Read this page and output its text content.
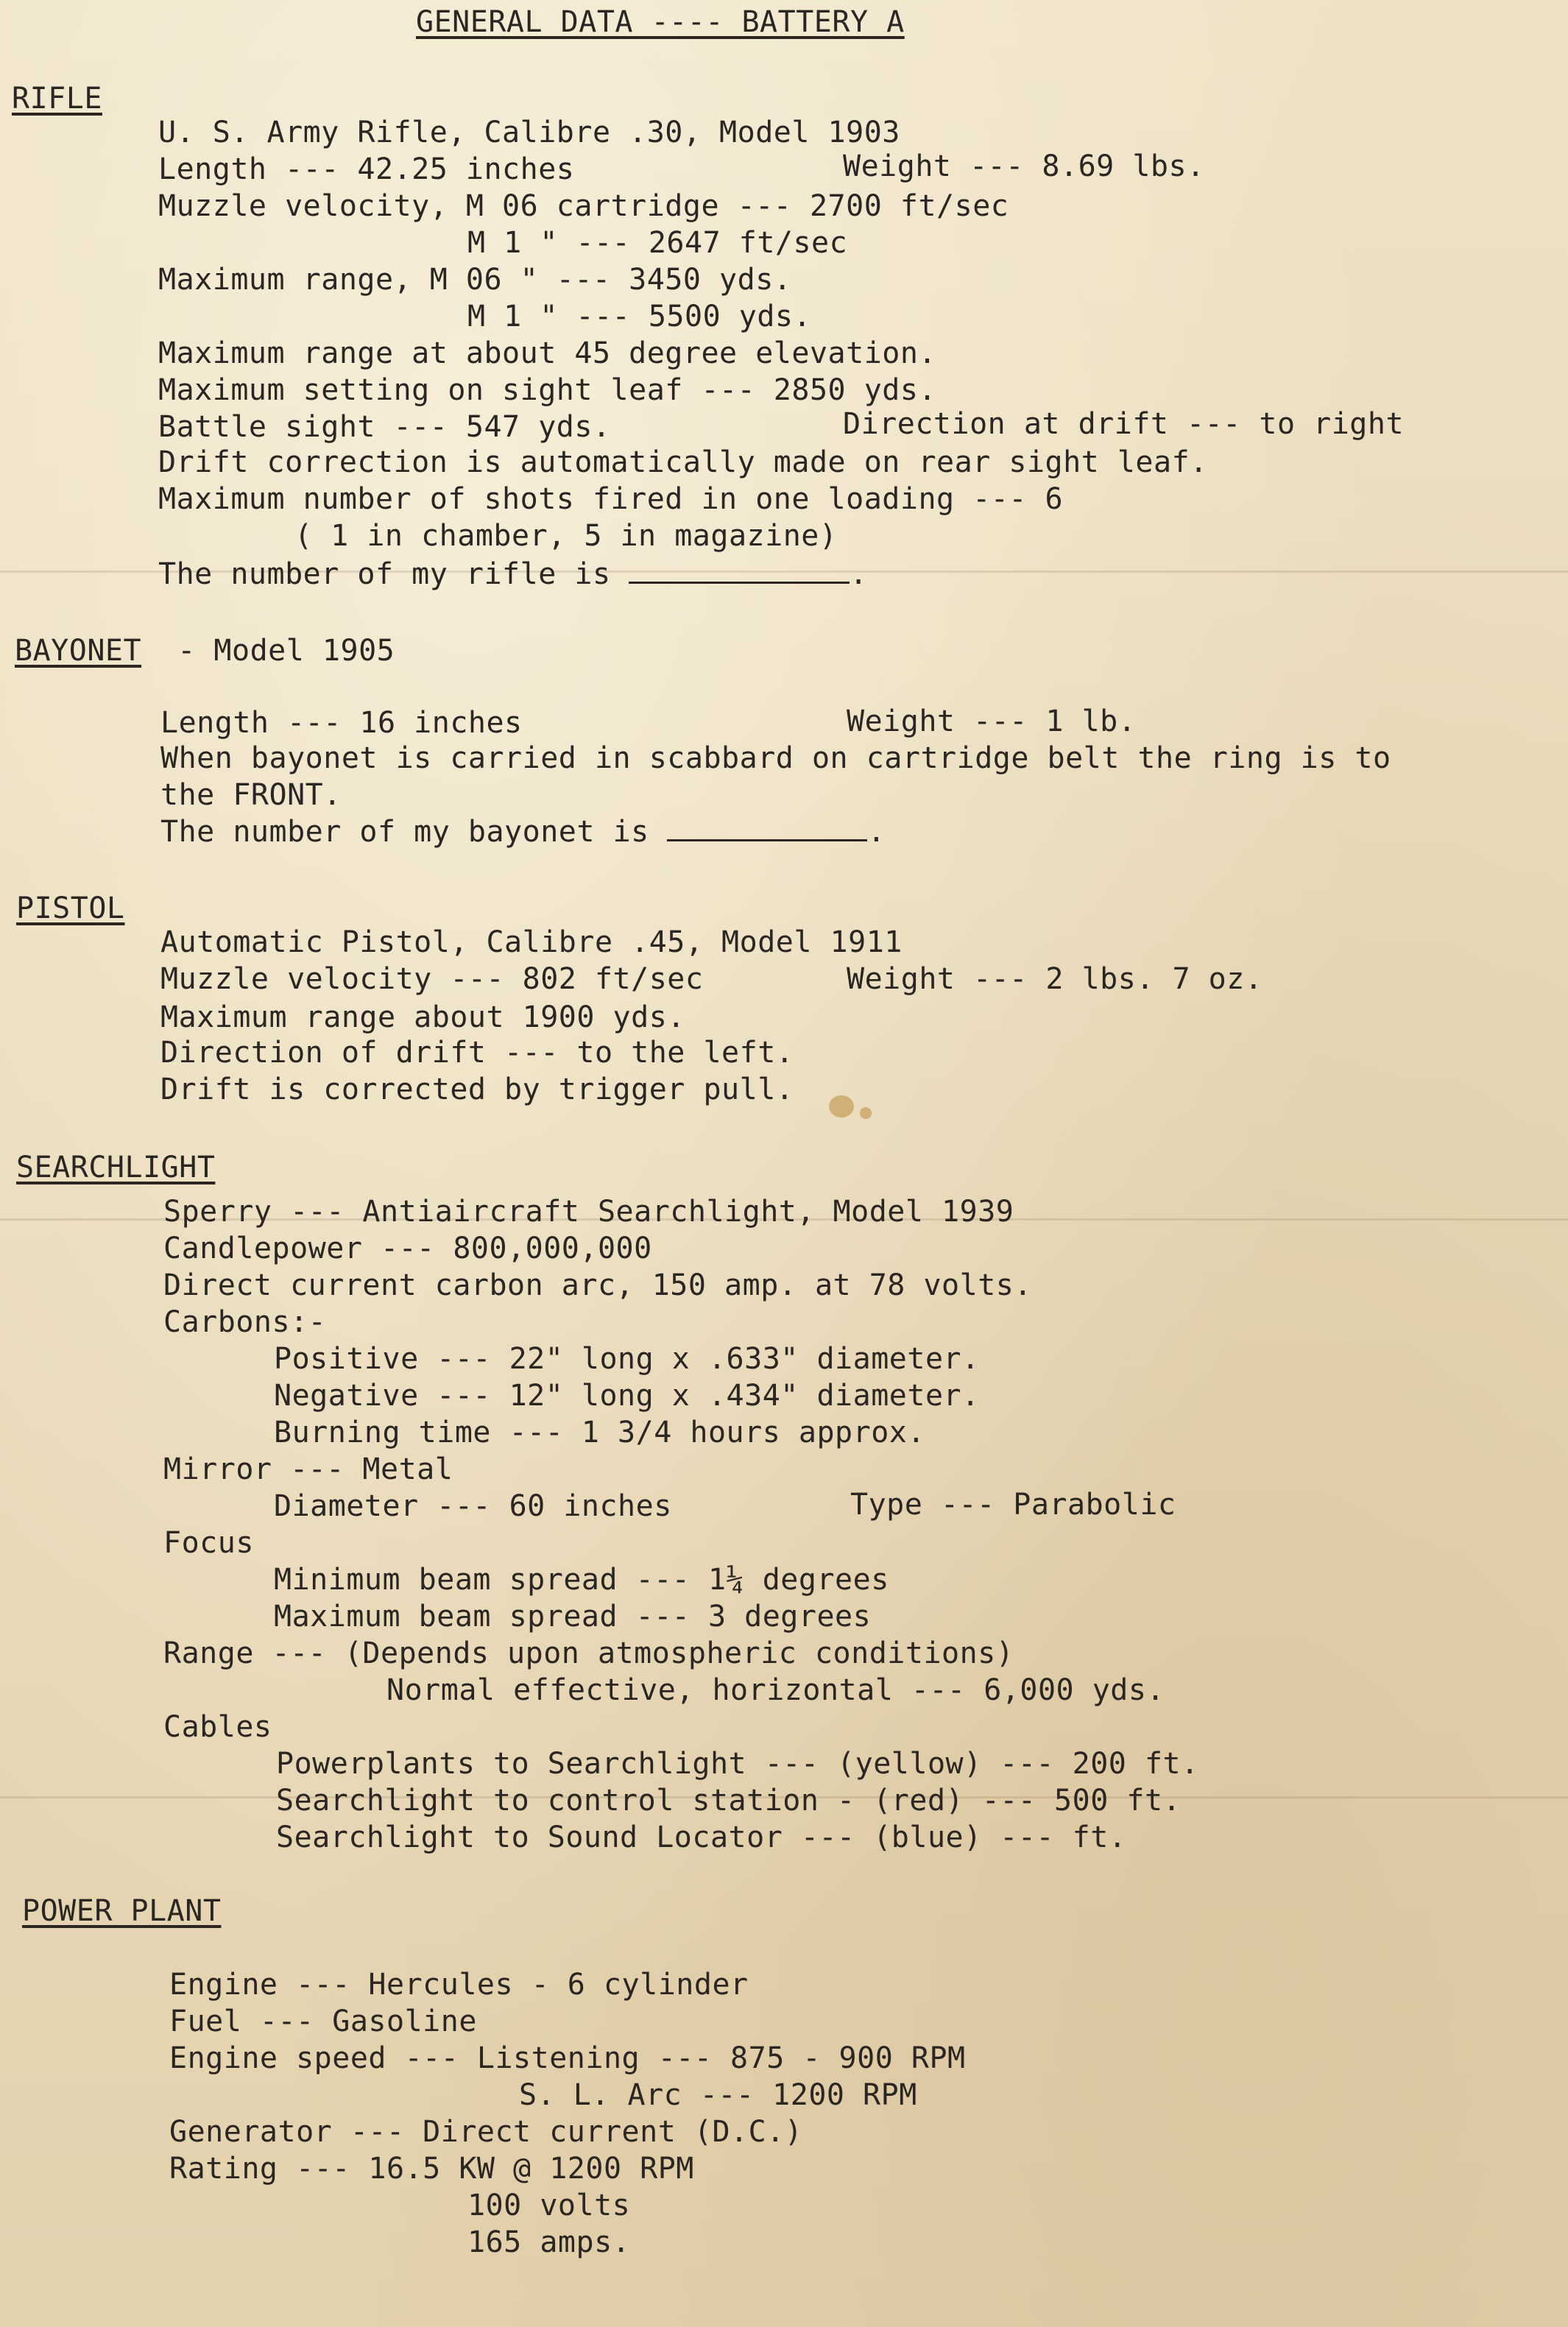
GENERAL DATA ---- BATTERY A
RIFLE
U. S. Army Rifle, Calibre .30, Model 1903
Length --- 42.25 inches	Weight --- 8.69 lbs.
Muzzle velocity, M 06 cartridge --- 2700 ft/sec
M 1 " --- 2647 ft/sec
Maximum range, M 06 " --- 3450 yds.
M 1 " --- 5500 yds.
Maximum range at about 45 degree elevation.
Maximum setting on sight leaf --- 2850 yds.
Battle sight --- 547 yds.	Direction at drift --- to right
Drift correction is automatically made on rear sight leaf.
Maximum number of shots fired in one loading --- 6
( 1 in chamber, 5 in magazine)
The number of my rifle is	.
BAYONET - Model 1905
Length --- 16 inches	Weight --- 1 lb.
When bayonet is carried in scabbard on cartridge belt the ring is to
the FRONT.
The number of my bayonet is	.
PISTOL
Automatic Pistol, Calibre .45, Model 1911
Muzzle velocity --- 802 ft/sec	Weight --- 2 lbs. 7 oz.
Maximum range about 1900 yds.
Direction of drift --- to the left.
Drift is corrected by trigger pull.
SEARCHLIGHT
Sperry --- Antiaircraft Searchlight, Model 1939
Candlepower --- 800,000,000
Direct current carbon arc, 150 amp. at 78 volts.
Carbons:-
Positive --- 22" long x .633" diameter.
Negative --- 12" long x .434" diameter.
Burning time --- 1 3/4 hours approx.
Mirror --- Metal
Diameter --- 60 inches	Type --- Parabolic
Focus
Minimum beam spread --- 1¼ degrees
Maximum beam spread --- 3 degrees
Range --- (Depends upon atmospheric conditions)
Normal effective, horizontal --- 6,000 yds.
Cables
Powerplants to Searchlight --- (yellow) --- 200 ft.
Searchlight to control station - (red) --- 500 ft.
Searchlight to Sound Locator --- (blue) --- ft.
POWER PLANT
Engine --- Hercules - 6 cylinder
Fuel --- Gasoline
Engine speed --- Listening --- 875 - 900 RPM
S. L. Arc --- 1200 RPM
Generator --- Direct current (D.C.)
Rating --- 16.5 KW @ 1200 RPM
100 volts
165 amps.
